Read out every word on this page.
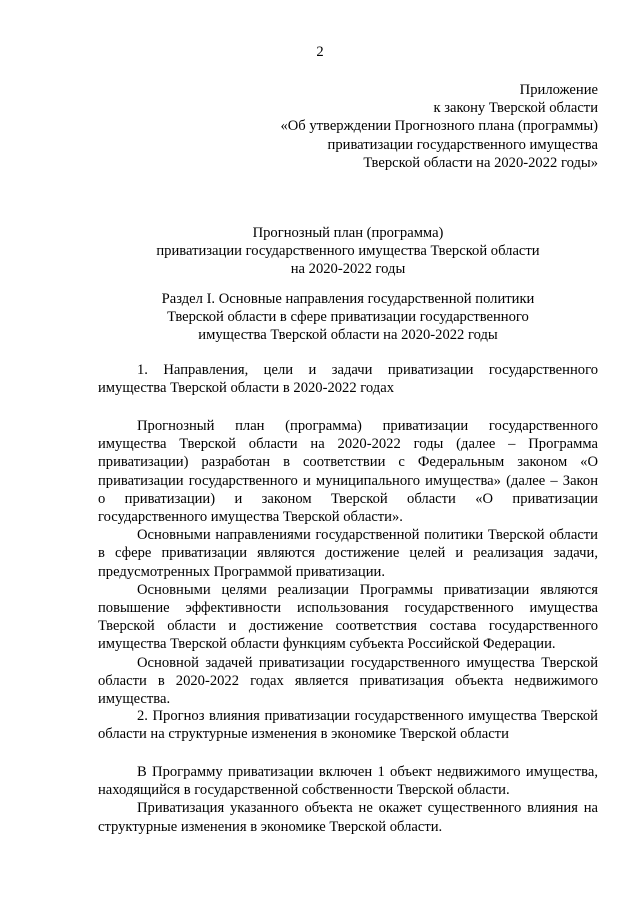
2
Приложение
к закону Тверской области
«Об утверждении Прогнозного плана (программы)
приватизации государственного имущества
Тверской области на 2020-2022 годы»
Прогнозный план (программа)
приватизации государственного имущества Тверской области
на 2020-2022 годы
Раздел I. Основные направления государственной политики
Тверской области в сфере приватизации государственного
имущества Тверской области на 2020-2022 годы
1. Направления, цели и задачи приватизации государственного имущества Тверской области в 2020-2022 годах

Прогнозный план (программа) приватизации государственного имущества Тверской области на 2020-2022 годы (далее – Программа приватизации) разработан в соответствии с Федеральным законом «О приватизации государственного и муниципального имущества» (далее – Закон о приватизации) и законом Тверской области «О приватизации государственного имущества Тверской области».

Основными направлениями государственной политики Тверской области в сфере приватизации являются достижение целей и реализация задачи, предусмотренных Программой приватизации.

Основными целями реализации Программы приватизации являются повышение эффективности использования государственного имущества Тверской области и достижение соответствия состава государственного имущества Тверской области функциям субъекта Российской Федерации.

Основной задачей приватизации государственного имущества Тверской области в 2020-2022 годах является приватизация объекта недвижимого имущества.

2. Прогноз влияния приватизации государственного имущества Тверской области на структурные изменения в экономике Тверской области

В Программу приватизации включен 1 объект недвижимого имущества, находящийся в государственной собственности Тверской области.

Приватизация указанного объекта не окажет существенного влияния на структурные изменения в экономике Тверской области.
